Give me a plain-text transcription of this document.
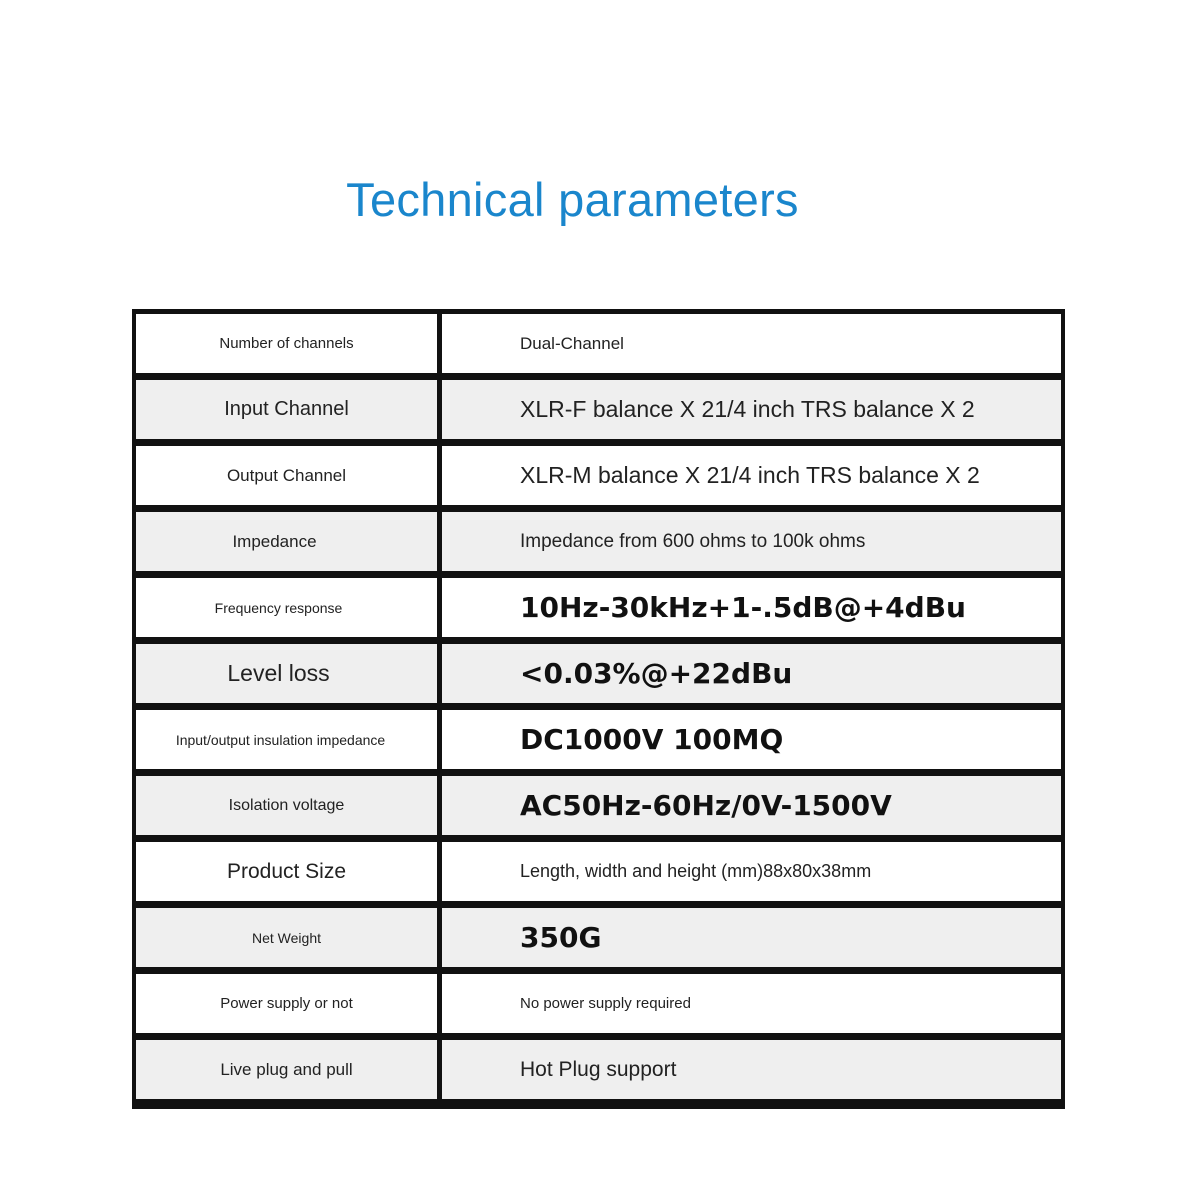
Technical parameters
Number of channels	Dual-Channel
Input Channel	XLR-F balance X 21/4 inch TRS balance X 2
Output Channel	XLR-M balance X 21/4 inch TRS balance X 2
Impedance	Impedance from 600 ohms to 100k ohms
Frequency response	10Hz-30kHz+1-.5dB@+4dBu
Level loss	<0.03%@+22dBu
Input/output insulation impedance	DC1000V 100MQ
Isolation voltage	AC50Hz-60Hz/0V-1500V
Product Size	Length, width and height (mm)88x80x38mm
Net Weight	350G
Power supply or not	No power supply required
Live plug and pull	Hot Plug support
